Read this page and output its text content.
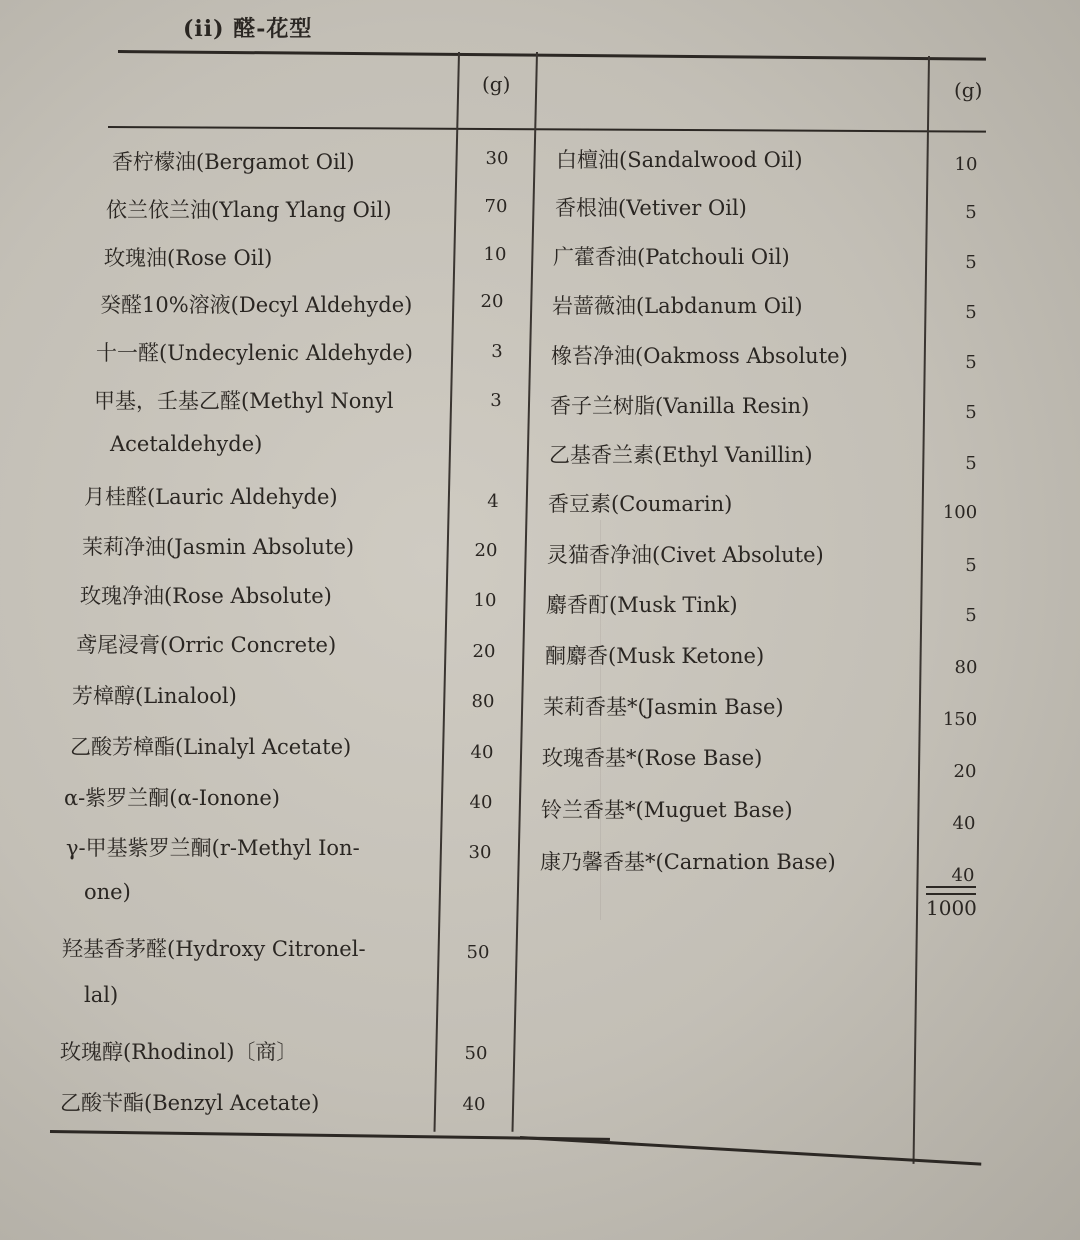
(ii) 醛-花型
(g)	(g)
香柠檬油(Bergamot Oil)
依兰依兰油(Ylang Ylang Oil)
玫瑰油(Rose Oil)
癸醛10%溶液(Decyl Aldehyde)
十一醛(Undecylenic Aldehyde)
甲基，壬基乙醛(Methyl Nonyl
Acetaldehyde)
月桂醛(Lauric Aldehyde)
茉莉净油(Jasmin Absolute)
玫瑰净油(Rose Absolute)
鸢尾浸膏(Orric Concrete)
芳樟醇(Linalool)
乙酸芳樟酯(Linalyl Acetate)
α-紫罗兰酮(α-Ionone)
γ-甲基紫罗兰酮(r-Methyl Ion-
one)
羟基香茅醛(Hydroxy Citronel-
lal)
玫瑰醇(Rhodinol)〔商〕
乙酸苄酯(Benzyl Acetate)
30
70
10
20
3
3
4
20
10
20
80
40
40
30
50
50
40
白檀油(Sandalwood Oil)
香根油(Vetiver Oil)
广藿香油(Patchouli Oil)
岩蔷薇油(Labdanum Oil)
橡苔净油(Oakmoss Absolute)
香子兰树脂(Vanilla Resin)
乙基香兰素(Ethyl Vanillin)
香豆素(Coumarin)
灵猫香净油(Civet Absolute)
麝香酊(Musk Tink)
酮麝香(Musk Ketone)
茉莉香基*(Jasmin Base)
玫瑰香基*(Rose Base)
铃兰香基*(Muguet Base)
康乃馨香基*(Carnation Base)
10
5
5
5
5
5
5
100
5
5
80
150
20
40
40
1000
